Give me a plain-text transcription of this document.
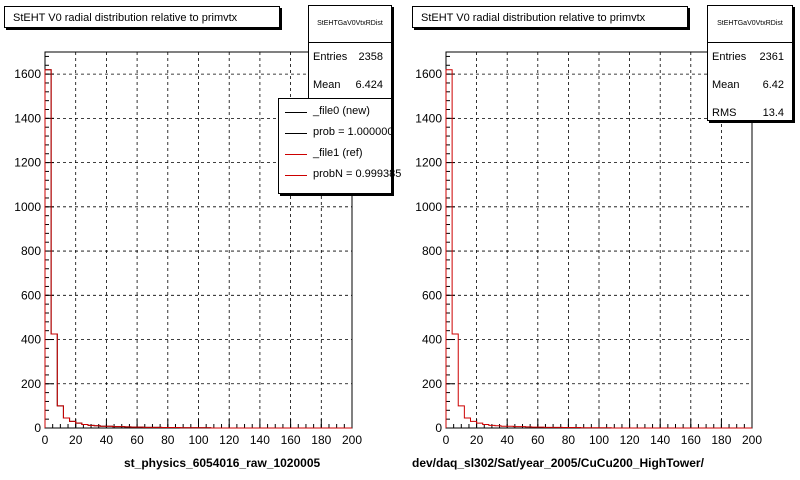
0 20 40 60 80 100 120 140 160 180 200
0
200
400
600
800
1000
1200
1400
1600
StEHT V0 radial distribution relative to primvtx	StEHTGaV0VtxRDist
Entries 2358
Mean 6.424
_file0 (new)
prob = 1.000000
_file1 (ref)
probN = 0.999385
st_physics_6054016_raw_1020005
0 20 40 60 80 100 120 140 160 180 200
0
200
400
600
800
1000
1200
1400
1600
StEHT V0 radial distribution relative to primvtx	StEHTGaV0VtxRDist
Entries 2361
Mean 6.42
RMS 13.4
dev/daq_sl302/Sat/year_2005/CuCu200_HighTower/
